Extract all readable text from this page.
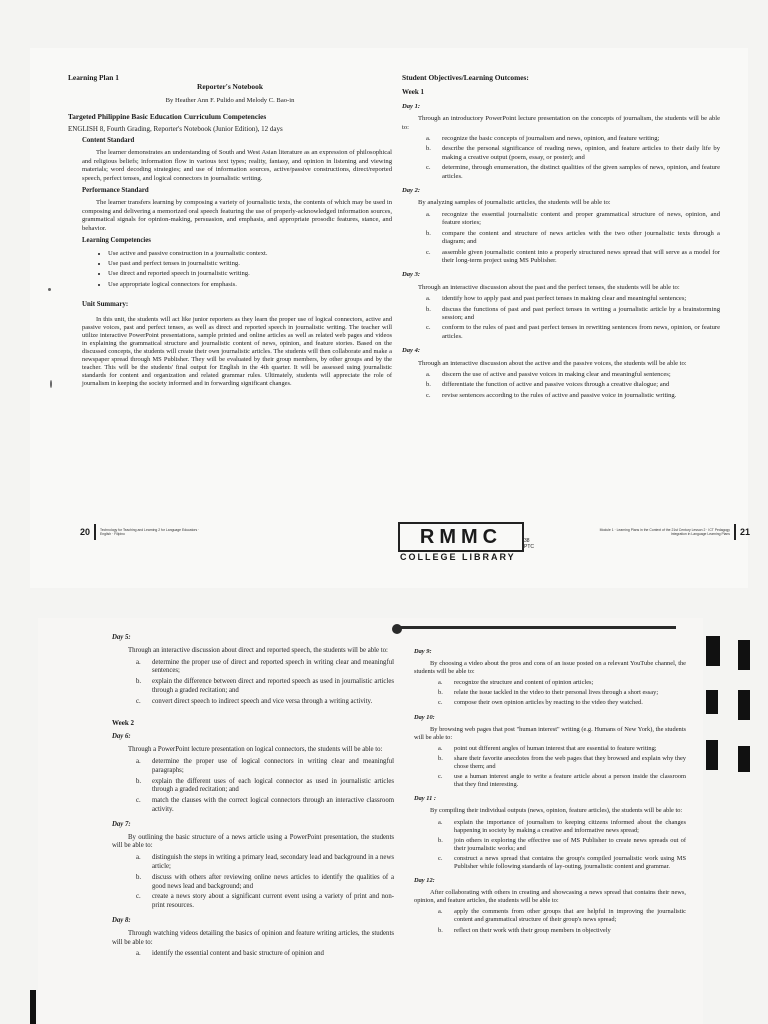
Learning Plan 1
Reporter's Notebook
By Heather Ann F. Pulido and Melody C. Bao-in
Targeted Philippine Basic Education Curriculum Competencies
ENGLISH 8, Fourth Grading, Reporter's Notebook (Junior Edition), 12 days
Content Standard
The learner demonstrates an understanding of South and West Asian literature as an expression of philosophical and religious beliefs; information flow in various text types; reality, fantasy, and opinion in listening and viewing materials; word decoding strategies; and use of information sources, active/passive constructions, direct/reported speech, perfect tenses, and logical connectors in journalistic writing.
Performance Standard
The learner transfers learning by composing a variety of journalistic texts, the contents of which may be used in composing and delivering a memorized oral speech featuring the use of properly-acknowledged information sources, grammatical signals for opinion-making, persuasion, and emphasis, and appropriate prosodic features, stance, and behavior.
Learning Competencies
• Use active and passive construction in a journalistic context.
• Use past and perfect tenses in journalistic writing.
• Use direct and reported speech in journalistic writing.
• Use appropriate logical connectors for emphasis.
Unit Summary:
In this unit, the students will act like junior reporters as they learn the proper use of logical connectors, active and passive voices, past and perfect tenses, as well as direct and reported speech in journalistic writing. The teacher will utilize interactive PowerPoint presentations, sample printed and online articles as well as related web pages and videos in explaining the grammatical structure and journalistic content of news, opinion, and feature stories. Based on the discussed concepts, the students will create their own journalistic articles. The students will then collaborate and make a newspaper spread through MS Publisher. They will be evaluated by their group members, by other groups and by the teacher. This will be the students' final output for English in the 4th quarter. It will be assessed using journalistic standards for content and organization and related grammar rules. Ultimately, students will appreciate the role of journalism in keeping the society informed and in forwarding significant changes.
20	Technology for Teaching and Learning 2 for Language Educators · English · Filipino
Student Objectives/Learning Outcomes:
Week 1
Day 1:
Through an introductory PowerPoint lecture presentation on the concepts of journalism, the students will be able to:
a.	recognize the basic concepts of journalism and news, opinion, and feature writing;
b.	describe the personal significance of reading news, opinion, and feature articles to their daily life by making a creative output (poem, essay, or poster); and
c.	determine, through enumeration, the distinct qualities of the given samples of news, opinion, and feature articles.
Day 2:
By analyzing samples of journalistic articles, the students will be able to:
a.	recognize the essential journalistic content and proper grammatical structure of news, opinion, and feature stories;
b.	compare the content and structure of news articles with the two other journalistic texts through a diagram; and
c.	assemble given journalistic content into a properly structured news spread that will serve as a model for their long-term project using MS Publisher.
Day 3:
Through an interactive discussion about the past and the perfect tenses, the students will be able to:
a.	identify how to apply past and past perfect tenses in making clear and meaningful sentences;
b.	discuss the functions of past and past perfect tenses in writing a journalistic article by a brainstorming session; and
c.	conform to the rules of past and past perfect tenses in rewriting sentences from news, opinion, or feature articles.
Day 4:
Through an interactive discussion about the active and the passive voices, the students will be able to:
a.	discern the use of active and passive voices in making clear and meaningful sentences;
b.	differentiate the function of active and passive voices through a creative dialogue; and
c.	revise sentences according to the rules of active and passive voice in journalistic writing.
RMMC
COLLEGE LIBRARY
38 PTC
Module 1 · Learning Plans in the Context of the 21st Century Lesson 2 · ICT Pedagogy Integration in Language Learning Plans 21
Day 5:
Through an interactive discussion about direct and reported speech, the students will be able to:
a.	determine the proper use of direct and reported speech in writing clear and meaningful sentences;
b.	explain the difference between direct and reported speech as used in journalistic articles through a graded recitation; and
c.	convert direct speech to indirect speech and vice versa through a writing activity.
Week 2
Day 6:
Through a PowerPoint lecture presentation on logical connectors, the students will be able to:
a.	determine the proper use of logical connectors in writing clear and meaningful paragraphs;
b.	explain the different uses of each logical connector as used in journalistic articles through a graded recitation; and
c.	match the clauses with the correct logical connectors through an interactive classroom activity.
Day 7:
By outlining the basic structure of a news article using a PowerPoint presentation, the students will be able to:
a.	distinguish the steps in writing a primary lead, secondary lead and background in a news article;
b.	discuss with others after reviewing online news articles to identify the qualities of a good news lead and background; and
c.	create a news story about a significant current event using a variety of print and non-print resources.
Day 8:
Through watching videos detailing the basics of opinion and feature writing articles, the students will be able to:
a.	identify the essential content and basic structure of opinion and
Day 9:
By choosing a video about the pros and cons of an issue posted on a relevant YouTube channel, the students will be able to:
a.	recognize the structure and content of opinion articles;
b.	relate the issue tackled in the video to their personal lives through a short essay;
c.	compose their own opinion articles by reacting to the video they watched.
Day 10:
By browsing web pages that post "human interest" writing (e.g. Humans of New York), the students will be able to:
a.	point out different angles of human interest that are essential to feature writing;
b.	share their favorite anecdotes from the web pages that they browsed and explain why they chose them; and
c.	use a human interest angle to write a feature article about a person inside the classroom that they find interesting.
Day 11 :
By compiling their individual outputs (news, opinion, feature articles), the students will be able to:
a.	explain the importance of journalism to keeping citizens informed about the changes happening in society by making a creative and informative news spread;
b.	join others in exploring the effective use of MS Publisher to create news spreads out of their journalistic works; and
c.	construct a news spread that contains the group's compiled journalistic work using MS Publisher while following standards of lay-outing, journalistic content and grammar.
Day 12:
After collaborating with others in creating and showcasing a news spread that contains their news, opinion, and feature articles, the students will be able to:
a.	apply the comments from other groups that are helpful in improving the journalistic content and grammatical structure of their group's news spread;
b.	reflect on their work with their group members in objectively
